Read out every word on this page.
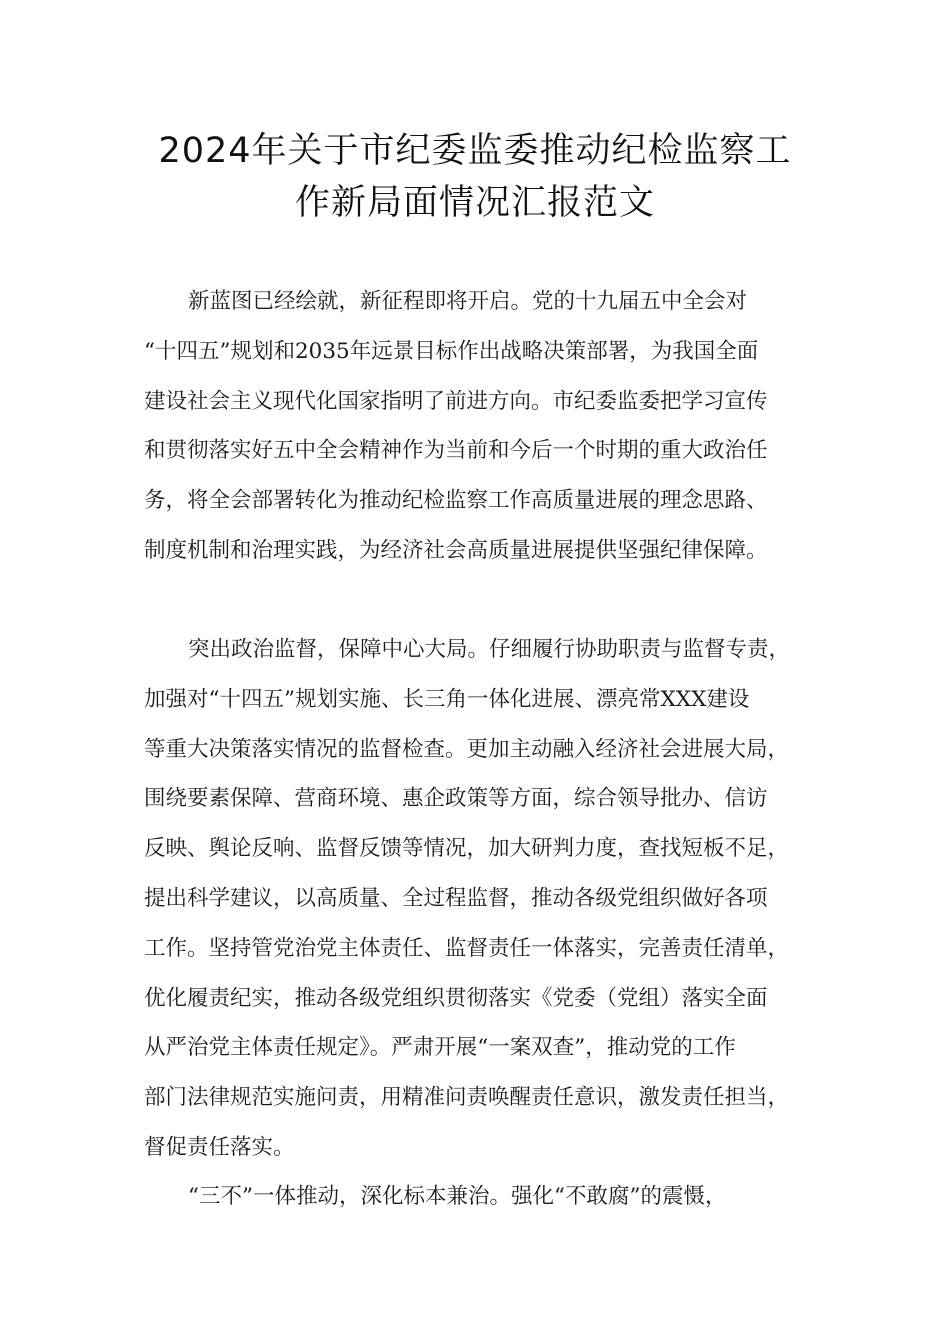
2024年关于市纪委监委推动纪检监察工
作新局面情况汇报范文
新蓝图已经绘就，新征程即将开启。党的十九届五中全会对
“十四五”规划和2035年远景目标作出战略决策部署，为我国全面
建设社会主义现代化国家指明了前进方向。市纪委监委把学习宣传
和贯彻落实好五中全会精神作为当前和今后一个时期的重大政治任
务，将全会部署转化为推动纪检监察工作高质量进展的理念思路、
制度机制和治理实践，为经济社会高质量进展提供坚强纪律保障。
突出政治监督，保障中心大局。仔细履行协助职责与监督专责，
加强对“十四五”规划实施、长三角一体化进展、漂亮常XXX建设
等重大决策落实情况的监督检查。更加主动融入经济社会进展大局，
围绕要素保障、营商环境、惠企政策等方面，综合领导批办、信访
反映、舆论反响、监督反馈等情况，加大研判力度，查找短板不足，
提出科学建议，以高质量、全过程监督，推动各级党组织做好各项
工作。坚持管党治党主体责任、监督责任一体落实，完善责任清单，
优化履责纪实，推动各级党组织贯彻落实《党委（党组）落实全面
从严治党主体责任规定》。严肃开展“一案双查”，推动党的工作
部门法律规范实施问责，用精准问责唤醒责任意识，激发责任担当，
督促责任落实。
“三不”一体推动，深化标本兼治。强化“不敢腐”的震慑，
